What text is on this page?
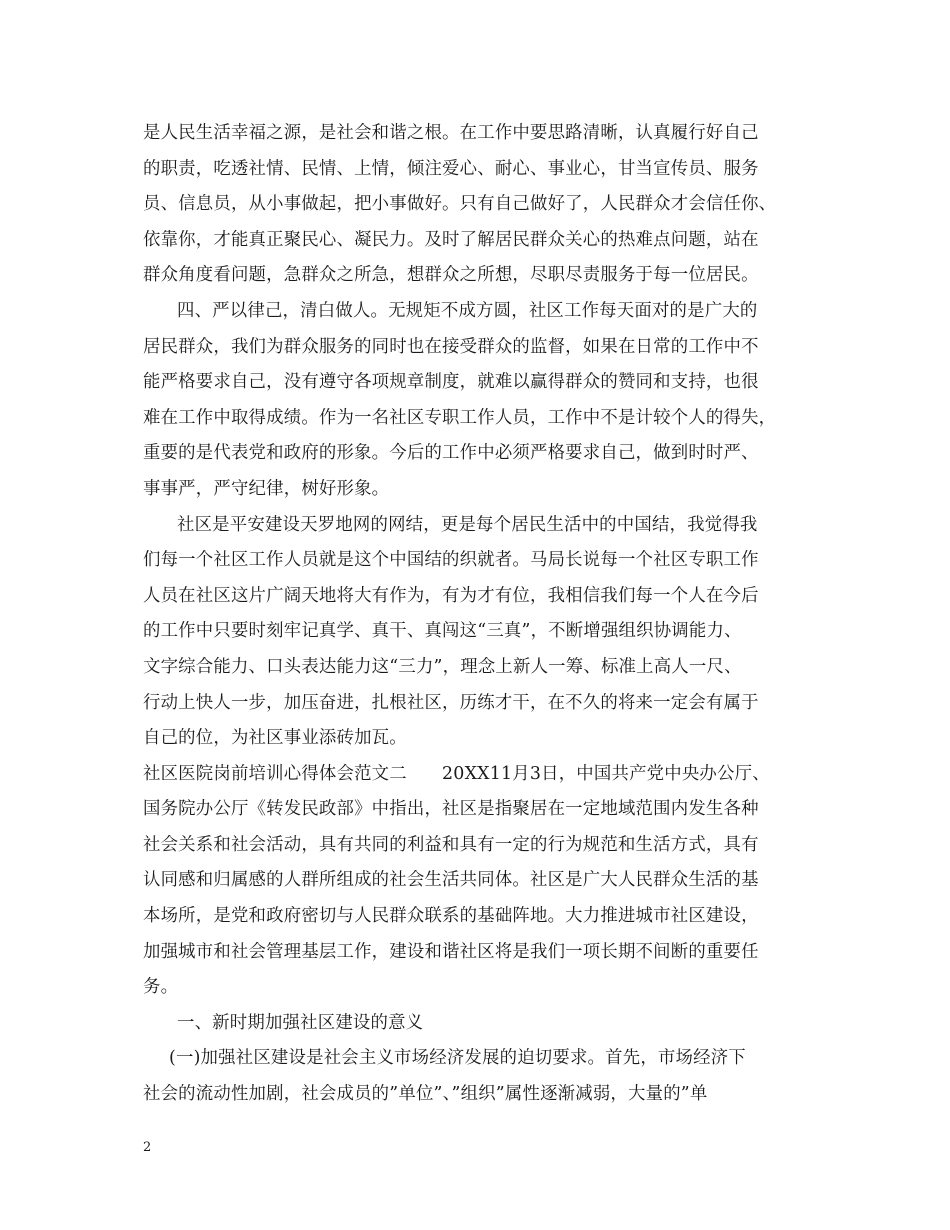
是人民生活幸福之源，是社会和谐之根。在工作中要思路清晰，认真履行好自己
的职责，吃透社情、民情、上情，倾注爱心、耐心、事业心，甘当宣传员、服务
员、信息员，从小事做起，把小事做好。只有自己做好了，人民群众才会信任你、
依靠你，才能真正聚民心、凝民力。及时了解居民群众关心的热难点问题，站在
群众角度看问题，急群众之所急，想群众之所想，尽职尽责服务于每一位居民。
四、严以律己，清白做人。无规矩不成方圆，社区工作每天面对的是广大的
居民群众，我们为群众服务的同时也在接受群众的监督，如果在日常的工作中不
能严格要求自己，没有遵守各项规章制度，就难以赢得群众的赞同和支持，也很
难在工作中取得成绩。作为一名社区专职工作人员，工作中不是计较个人的得失，
重要的是代表党和政府的形象。今后的工作中必须严格要求自己，做到时时严、
事事严，严守纪律，树好形象。
社区是平安建设天罗地网的网结，更是每个居民生活中的中国结，我觉得我
们每一个社区工作人员就是这个中国结的织就者。马局长说每一个社区专职工作
人员在社区这片广阔天地将大有作为，有为才有位，我相信我们每一个人在今后
的工作中只要时刻牢记真学、真干、真闯这“三真”，不断增强组织协调能力、
文字综合能力、口头表达能力这“三力”，理念上新人一筹、标准上高人一尺、
行动上快人一步，加压奋进，扎根社区，历练才干，在不久的将来一定会有属于
自己的位，为社区事业添砖加瓦。
社区医院岗前培训心得体会范文二　　20XX11月3日，中国共产党中央办公厅、
国务院办公厅《转发民政部》中指出，社区是指聚居在一定地域范围内发生各种
社会关系和社会活动，具有共同的利益和具有一定的行为规范和生活方式，具有
认同感和归属感的人群所组成的社会生活共同体。社区是广大人民群众生活的基
本场所，是党和政府密切与人民群众联系的基础阵地。大力推进城市社区建设，
加强城市和社会管理基层工作，建设和谐社区将是我们一项长期不间断的重要任
务。
一、新时期加强社区建设的意义
(一)加强社区建设是社会主义市场经济发展的迫切要求。首先，市场经济下
社会的流动性加剧，社会成员的”单位”、”组织”属性逐渐减弱，大量的”单
2
